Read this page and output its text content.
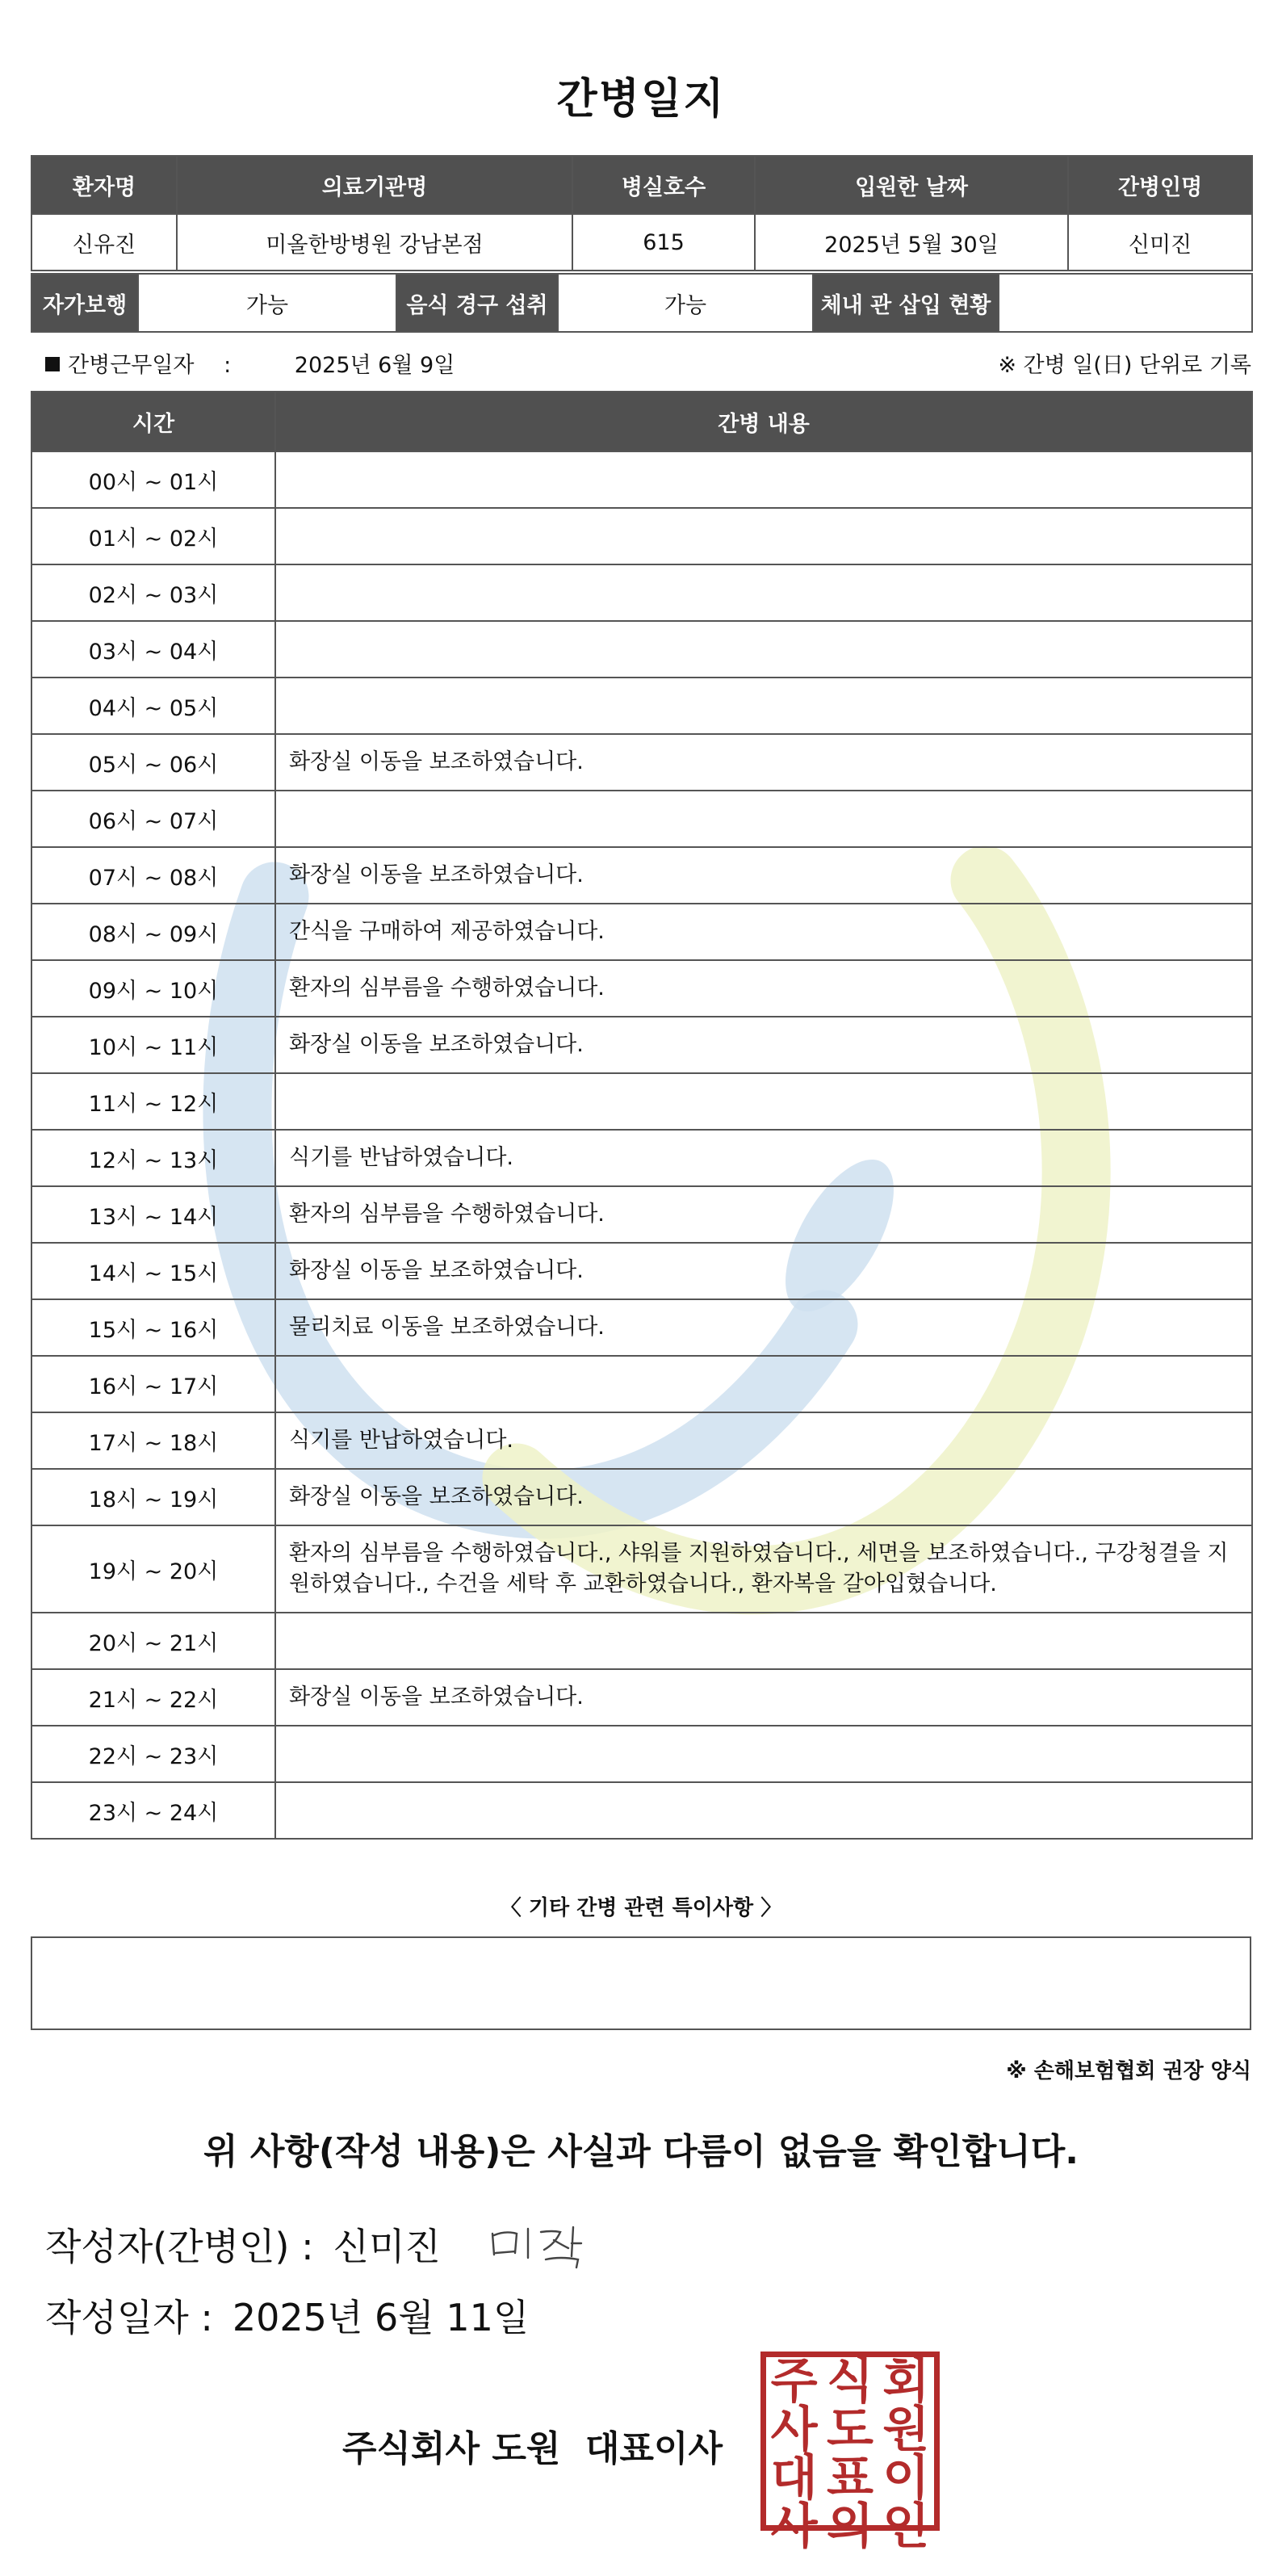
간병일지
환자명	의료기관명	병실호수	입원한 날짜	간병인명
신유진	미올한방병원 강남본점	615	2025년 5월 30일	신미진
자가보행	가능	음식 경구 섭취	가능	체내 관 삽입 현황	
간병근무일자 :	2025년 6월 9일	※ 간병 일(日) 단위로 기록
시간	간병 내용
00시 ~ 01시	
01시 ~ 02시	
02시 ~ 03시	
03시 ~ 04시	
04시 ~ 05시	
05시 ~ 06시	화장실 이동을 보조하였습니다.
06시 ~ 07시	
07시 ~ 08시	화장실 이동을 보조하였습니다.
08시 ~ 09시	간식을 구매하여 제공하였습니다.
09시 ~ 10시	환자의 심부름을 수행하였습니다.
10시 ~ 11시	화장실 이동을 보조하였습니다.
11시 ~ 12시	
12시 ~ 13시	식기를 반납하였습니다.
13시 ~ 14시	환자의 심부름을 수행하였습니다.
14시 ~ 15시	화장실 이동을 보조하였습니다.
15시 ~ 16시	물리치료 이동을 보조하였습니다.
16시 ~ 17시	
17시 ~ 18시	식기를 반납하였습니다.
18시 ~ 19시	화장실 이동을 보조하였습니다.
19시 ~ 20시	환자의 심부름을 수행하였습니다., 샤워를 지원하였습니다., 세면을 보조하였습니다., 구강청결을 지원하였습니다., 수건을 세탁 후 교환하였습니다., 환자복을 갈아입혔습니다.
20시 ~ 21시	
21시 ~ 22시	화장실 이동을 보조하였습니다.
22시 ~ 23시	
23시 ~ 24시	
〈 기타 간병 관련 특이사항 〉
※ 손해보험협회 권장 양식
위 사항(작성 내용)은 사실과 다름이 없음을 확인합니다.
작성자(간병인) : 신미진
작성일자 : 2025년 6월 11일
주식회사 도원  대표이사
주 식 회
사 도 원
대 표 이
사 의 인
